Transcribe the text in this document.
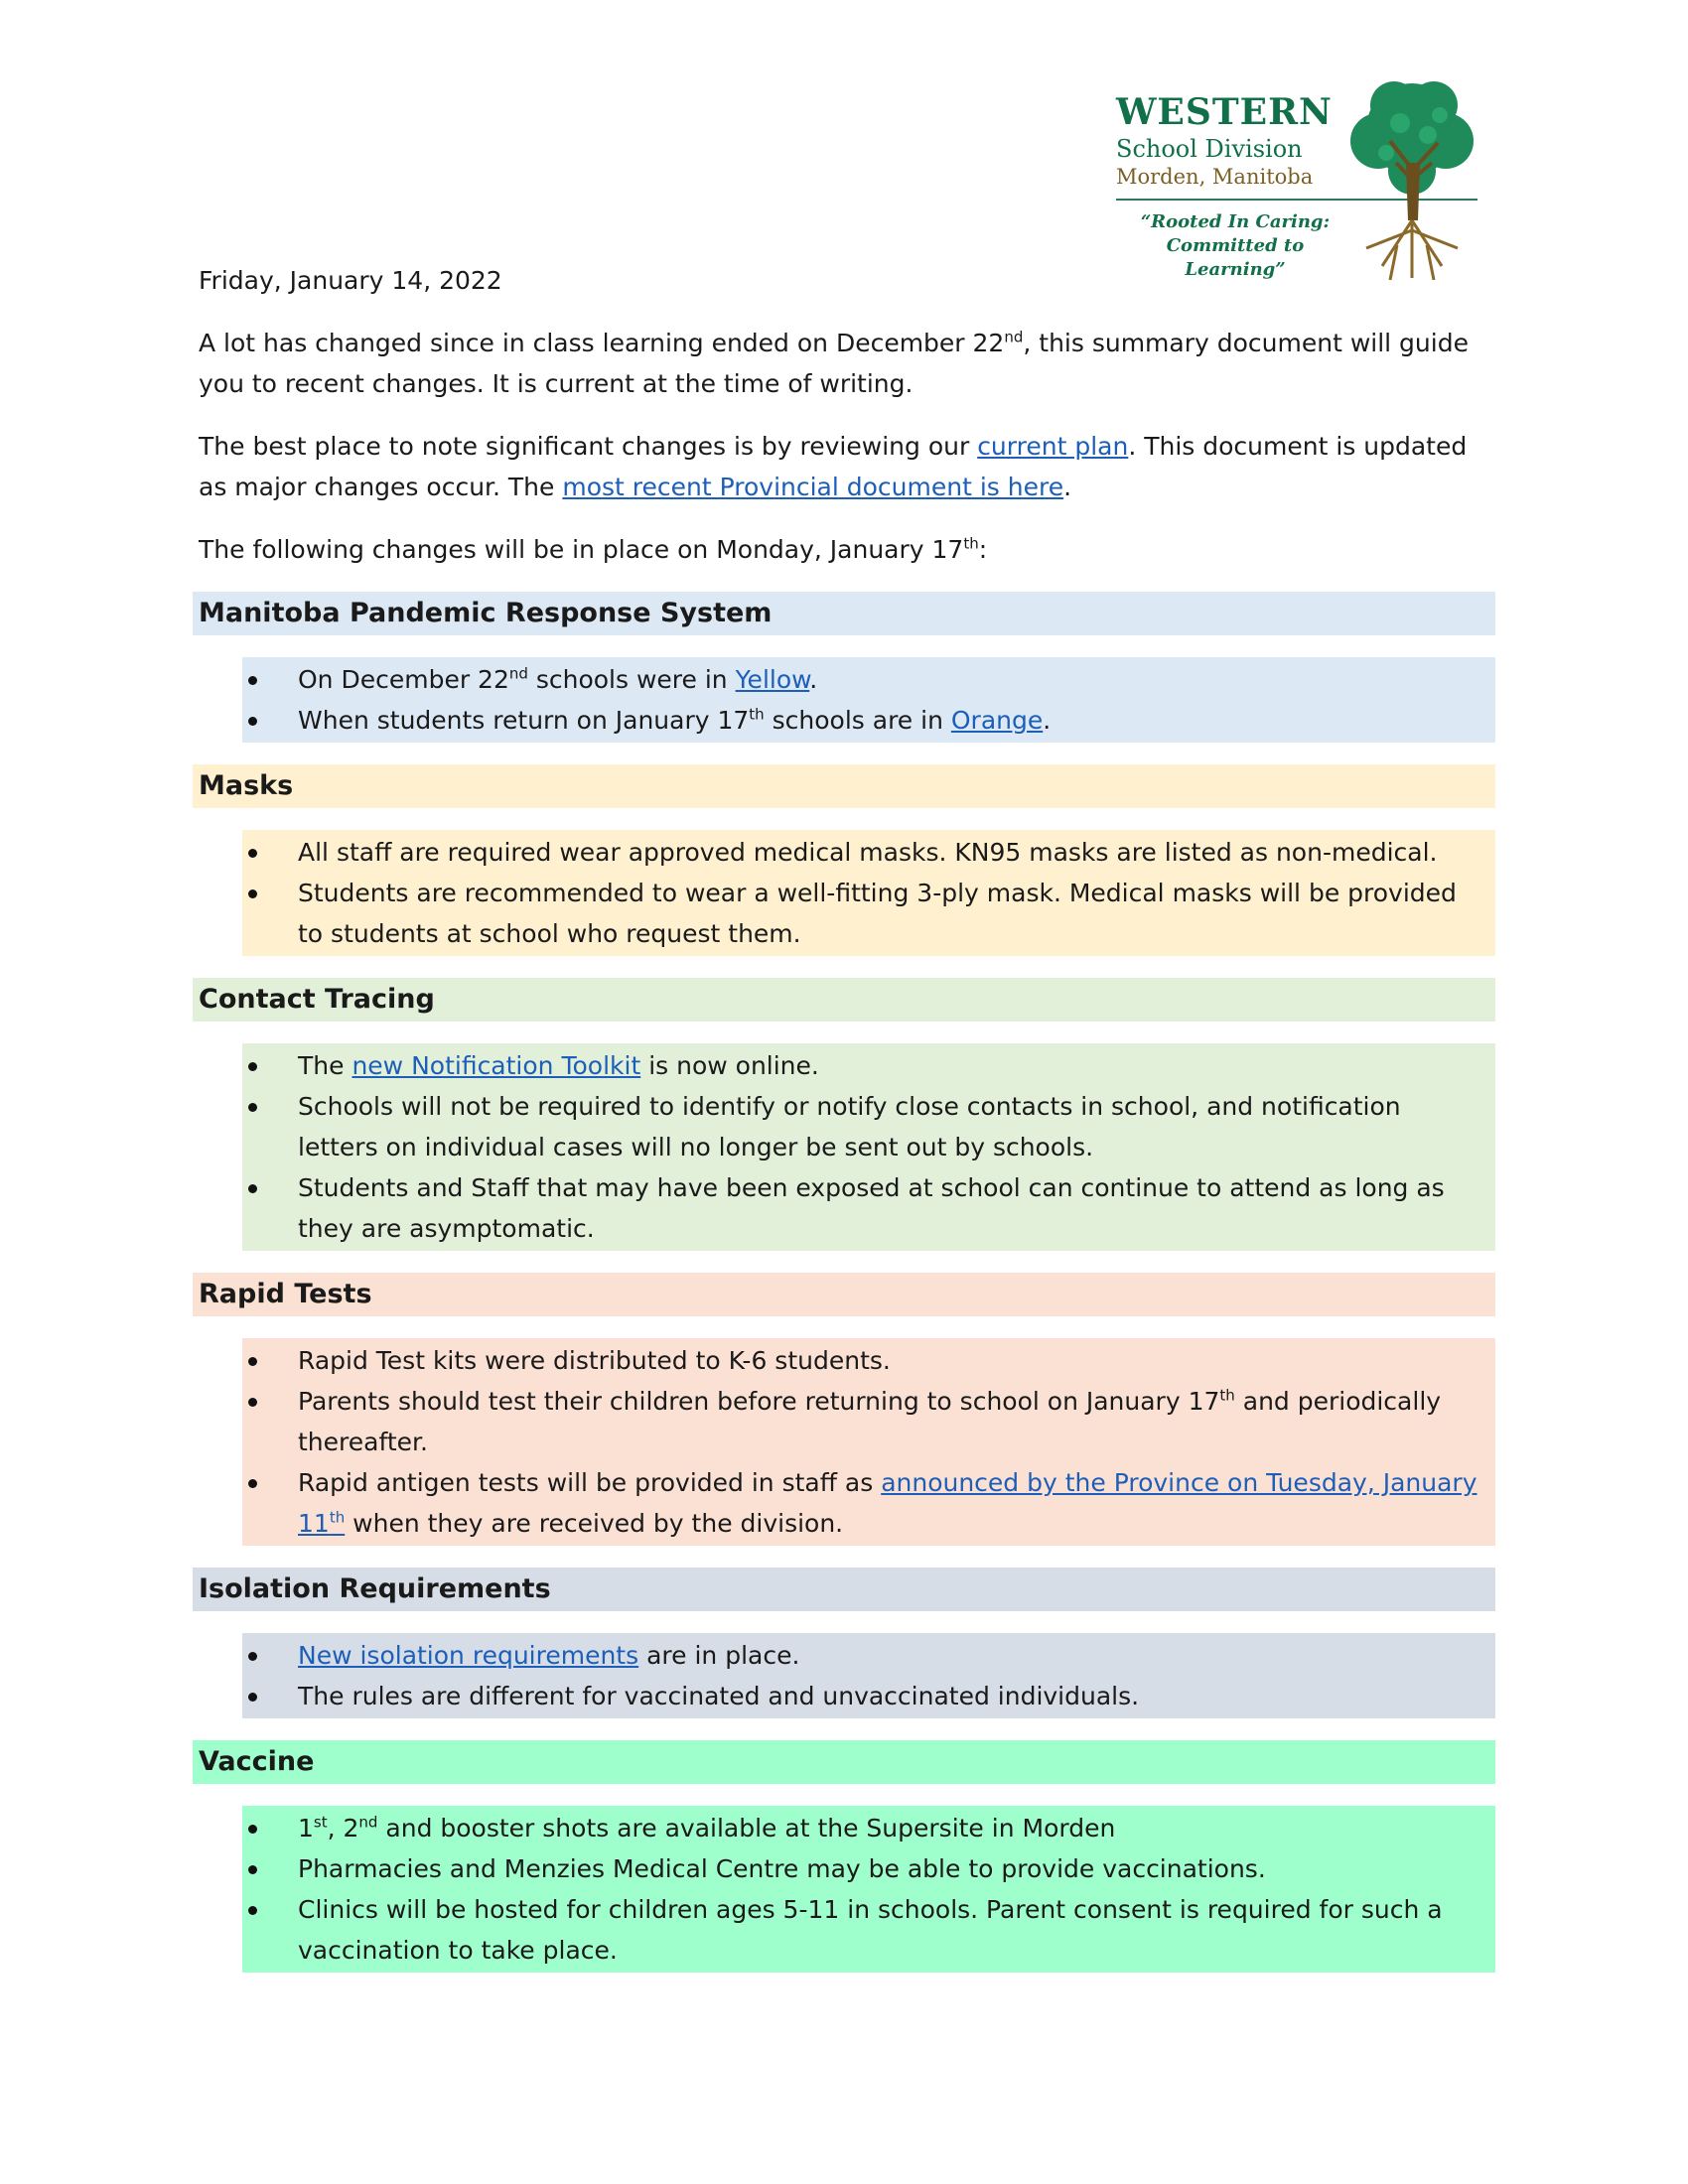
WESTERN
School Division
Morden, Manitoba
“Rooted In Caring: Committed to Learning”

Friday, January 14, 2022

A lot has changed since in class learning ended on December 22nd, this summary document will guide you to recent changes. It is current at the time of writing.

The best place to note significant changes is by reviewing our current plan. This document is updated as major changes occur. The most recent Provincial document is here.

The following changes will be in place on Monday, January 17th:

Manitoba Pandemic Response System
On December 22nd schools were in Yellow.
When students return on January 17th schools are in Orange.
Masks
All staff are required wear approved medical masks. KN95 masks are listed as non-medical.
Students are recommended to wear a well-fitting 3-ply mask. Medical masks will be provided to students at school who request them.
Contact Tracing
The new Notification Toolkit is now online.
Schools will not be required to identify or notify close contacts in school, and notification letters on individual cases will no longer be sent out by schools.
Students and Staff that may have been exposed at school can continue to attend as long as they are asymptomatic.
Rapid Tests
Rapid Test kits were distributed to K-6 students.
Parents should test their children before returning to school on January 17th and periodically thereafter.
Rapid antigen tests will be provided in staff as announced by the Province on Tuesday, January 11th when they are received by the division.
Isolation Requirements
New isolation requirements are in place.
The rules are different for vaccinated and unvaccinated individuals.
Vaccine
1st, 2nd and booster shots are available at the Supersite in Morden
Pharmacies and Menzies Medical Centre may be able to provide vaccinations.
Clinics will be hosted for children ages 5-11 in schools. Parent consent is required for such a vaccination to take place.
